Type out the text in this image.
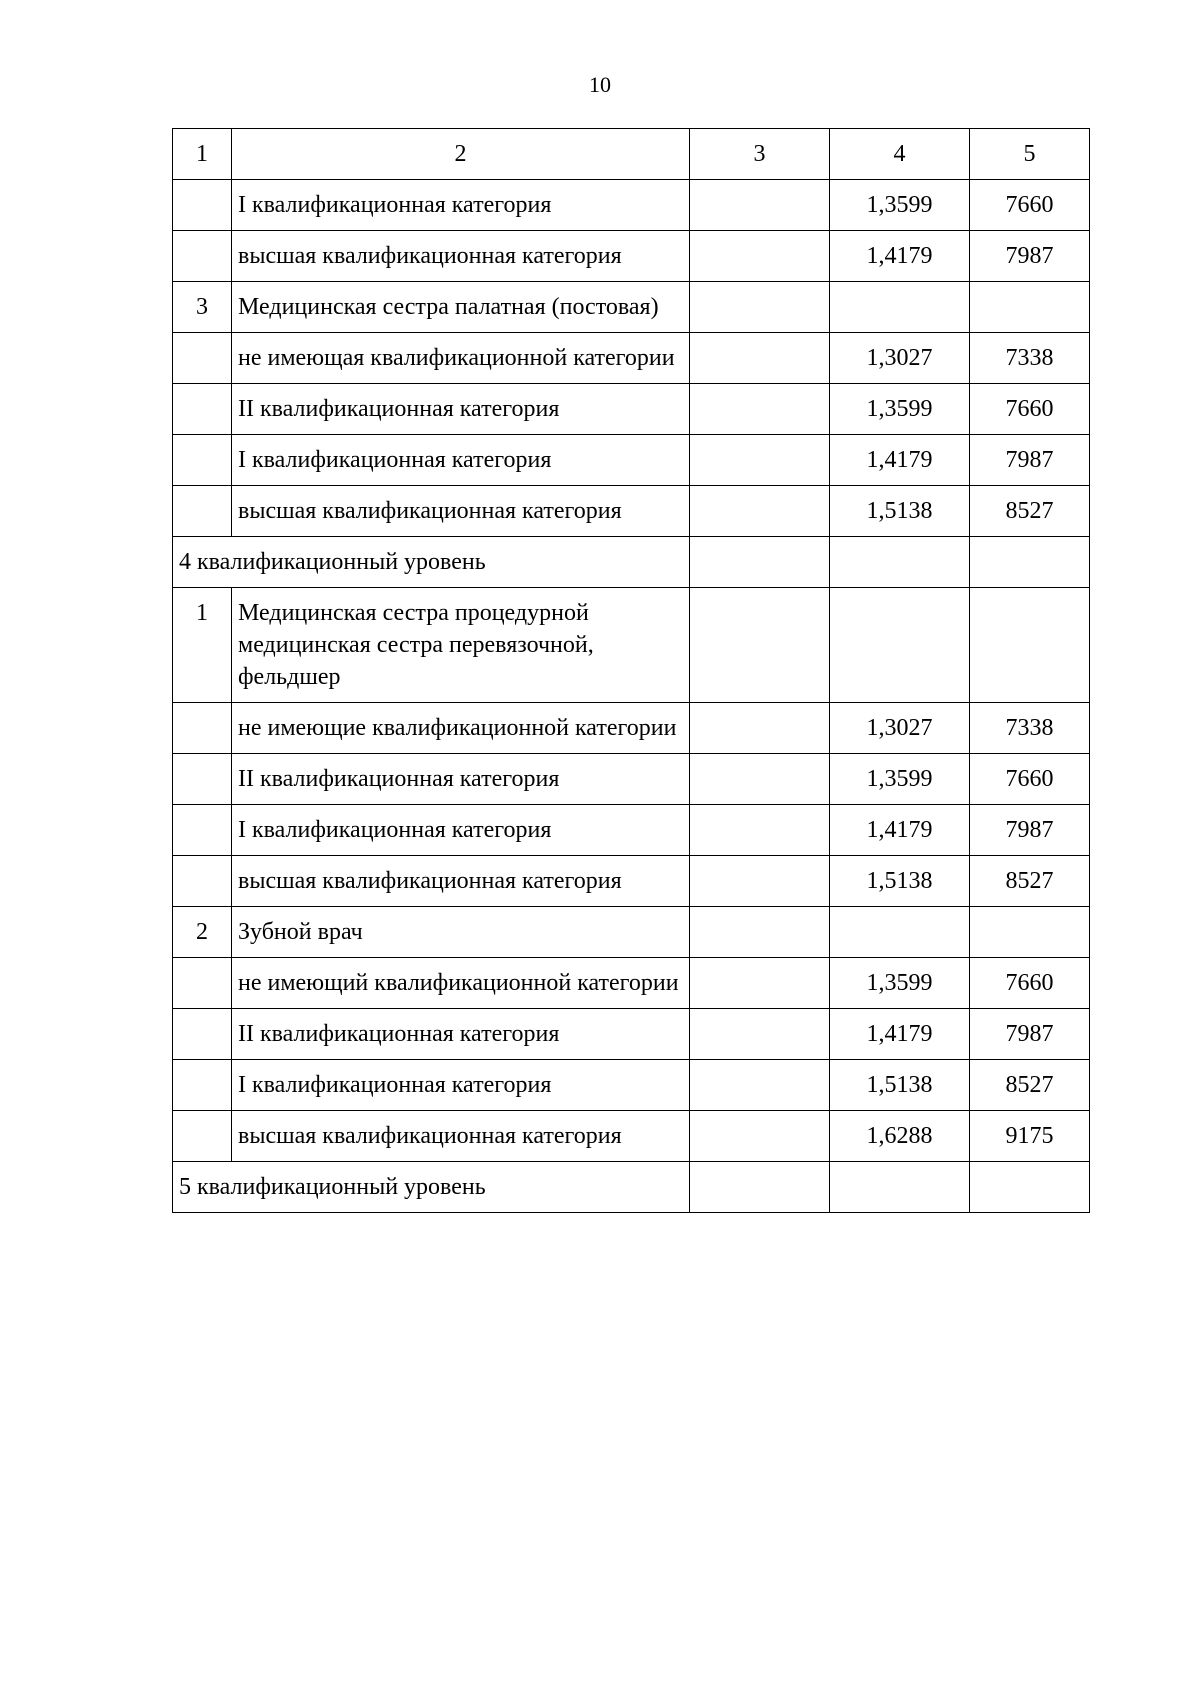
10
1	2	3	4	5
	I квалификационная категория		1,3599	7660
	высшая квалификационная категория		1,4179	7987
3	Медицинская сестра палатная (постовая)			
	не имеющая квалификационной категории		1,3027	7338
	II квалификационная категория		1,3599	7660
	I квалификационная категория		1,4179	7987
	высшая квалификационная категория		1,5138	8527
4 квалификационный уровень				
1	Медицинская сестра процедурной медицинская сестра перевязочной, фельдшер			
	не имеющие квалификационной категории		1,3027	7338
	II квалификационная категория		1,3599	7660
	I квалификационная категория		1,4179	7987
	высшая квалификационная категория		1,5138	8527
2	Зубной врач			
	не имеющий квалификационной категории		1,3599	7660
	II квалификационная категория		1,4179	7987
	I квалификационная категория		1,5138	8527
	высшая квалификационная категория		1,6288	9175
5 квалификационный уровень				
